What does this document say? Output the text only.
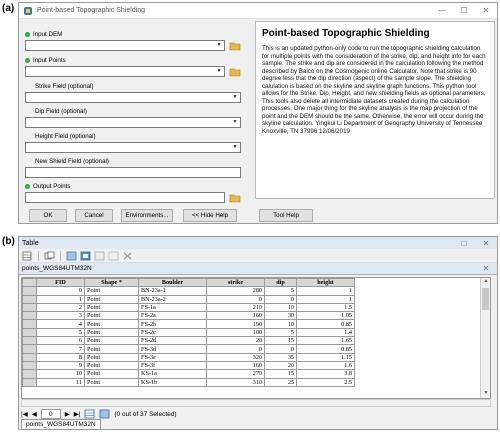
(a)
(b)
Point-based Topographic Shielding	—	☐	✕
Input DEM
▼
Input Points
▼
Strike Field (optional)
▼
Dip Field (optional)
▼
Height Field (optional)
▼
New Shield Field (optional)
Output Points
Point-based Topographic Shielding
This is an updated python-only code to run the topographic shielding calculation for multiple points with the consideration of the strike, dip, and height info for each sample. The strike and dip are considered in the calculation following the method described by Balco on the Cosmogenic online Calculator. Note that strike is 90 degree less that the dip direction (aspect) of the sample slope. The shielding calulation is based on the skyline and skyline graph functions. This python tool allows for the Strike, Dip, Height, and new shielding fields as optional parameters. This tools also delete all intermidiate datasets created during the calculation processes. One major thing for the skyline analysis is the map projection of the point and the DEM should be the same. Otherwise, the error will occur during the skyline calculation. Yingkui Li Department of Geography University of Tennessee Knoxville, TN 37996 12/06/2019
OK	Cancel	Environments...	<< Hide Help	Tool Help
Table	□	✕
points_WGS84UTM32N	✕
	FID	Shape *	Boulder	strike	dip	height
	0	Point	BN-23a-1	280	5	1
	1	Point	BN-23a-2	0	0	1
	2	Point	FS-1a	210	10	1.5
	3	Point	FS-2a	160	30	1.05
	4	Point	FS-2b	190	10	0.85
	5	Point	FS-2c	100	5	1.4
	6	Point	FS-2d	20	15	1.65
	7	Point	FS-3d	0	0	0.85
	8	Point	FS-3e	320	35	1.15
	9	Point	FS-3f	160	20	1.6
	10	Point	KS-1a	270	15	3.8
	11	Point	KS-1b	310	25	2.5
▲
▼
|◀ ◀	0	▶ ▶|	(0 out of 37 Selected)
points_WGS84UTM32N
